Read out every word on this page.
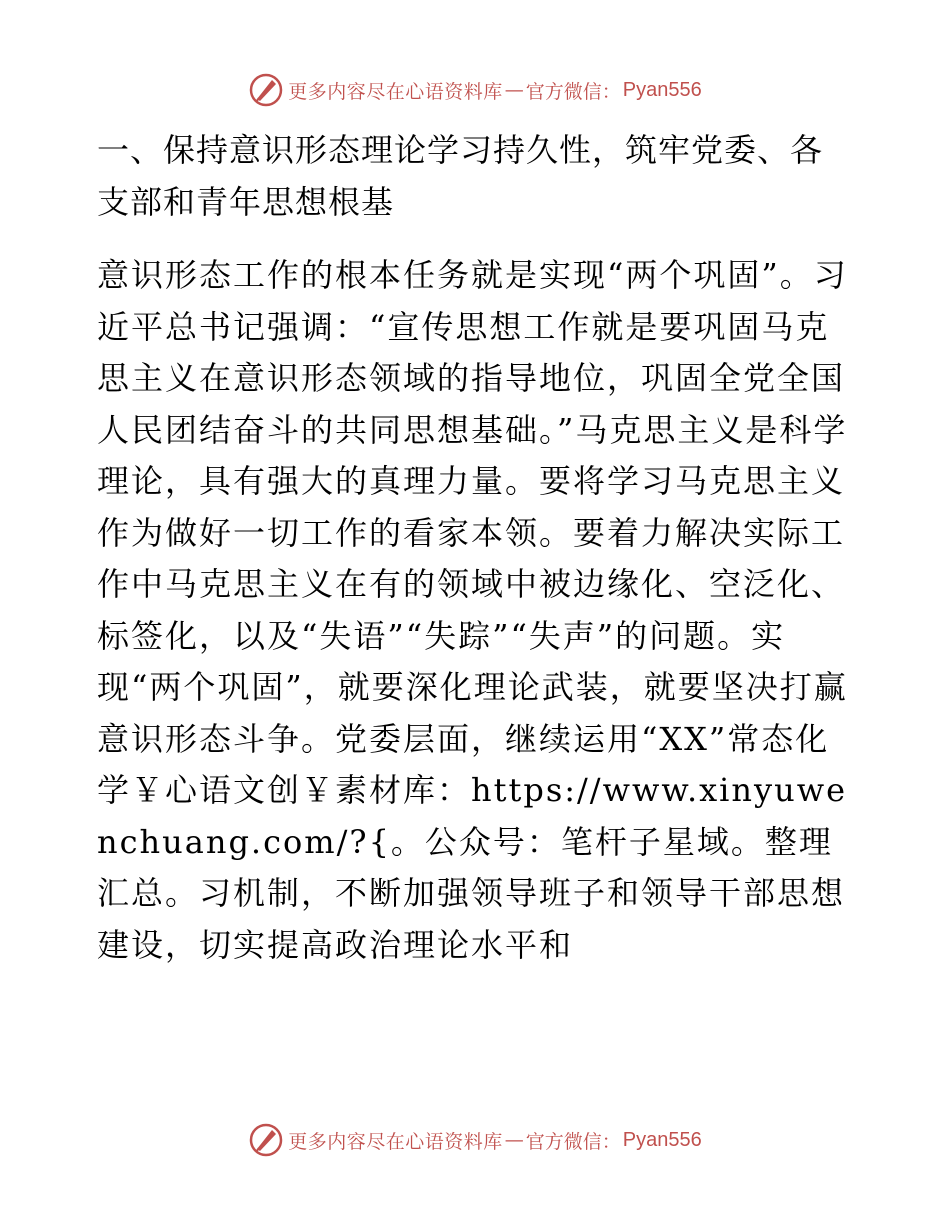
更多内容尽在心语资料库 — 官方微信： Pyan556
一、保持意识形态理论学习持久性，筑牢党委、各支部和青年思想根基

意识形态工作的根本任务就是实现“两个巩固”。习近平总书记强调：“宣传思想工作就是要巩固马克思主义在意识形态领域的指导地位，巩固全党全国人民团结奋斗的共同思想基础。”马克思主义是科学理论，具有强大的真理力量。要将学习马克思主义作为做好一切工作的看家本领。要着力解决实际工作中马克思主义在有的领域中被边缘化、空泛化、标签化，以及“失语”“失踪”“失声”的问题。实现“两个巩固”，就要深化理论武装，就要坚决打赢意识形态斗争。党委层面，继续运用“XX”常态化学￥心语文创￥素材库：https://www.xinyuwenchuang.com/?{。公众号：笔杆子星域。整理汇总。习机制，不断加强领导班子和领导干部思想建设，切实提高政治理论水平和

更多内容尽在心语资料库 — 官方微信： Pyan556
